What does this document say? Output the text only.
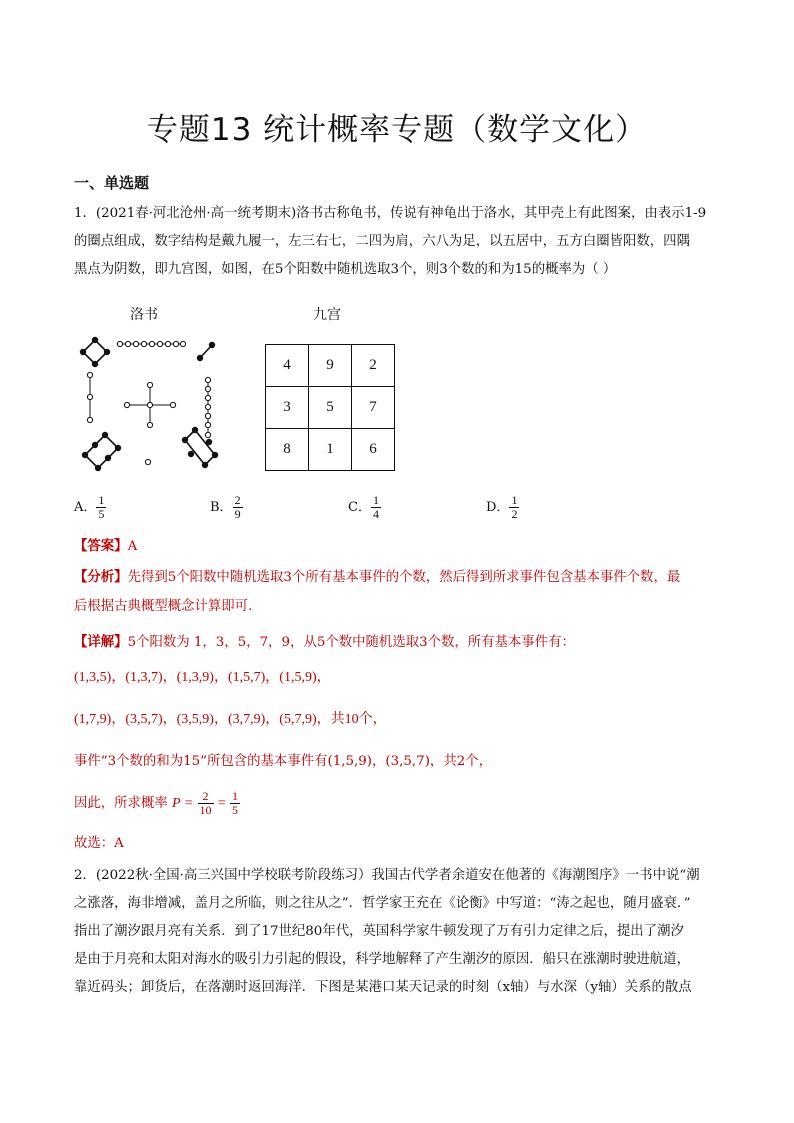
专题13 统计概率专题（数学文化）
一、单选题
1．(2021春·河北沧州·高一统考期末)洛书古称龟书，传说有神龟出于洛水，其甲壳上有此图案，由表示1-9
的圈点组成，数字结构是戴九履一，左三右七，二四为肩，六八为足，以五居中，五方白圈皆阳数，四隅
黑点为阴数，即九宫图，如图，在5个阳数中随机选取3个，则3个数的和为15的概率为（ ）
洛书	九宫
4	9	2
3	5	7
8	1	6
A． $\frac{1}{5}$	B． $\frac{2}{9}$	C． $\frac{1}{4}$	D． $\frac{1}{2}$
【答案】A
【分析】先得到5个阳数中随机选取3个所有基本事件的个数，然后得到所求事件包含基本事件个数，最
后根据古典概型概念计算即可.
【详解】5个阳数为 1，3，5，7，9，从5个数中随机选取3个数，所有基本事件有：
(1,3,5)，(1,3,7)，(1,3,9)，(1,5,7)，(1,5,9)，
(1,7,9)，(3,5,7)，(3,5,9)，(3,7,9)，(5,7,9)，共10个，
事件“3个数的和为15”所包含的基本事件有(1,5,9)，(3,5,7)，共2个，
因此，所求概率 $P = \frac{2}{10} = \frac{1}{5}$
故选：A
2．(2022秋·全国·高三兴国中学校联考阶段练习）我国古代学者余道安在他著的《海潮图序》一书中说“潮
之涨落，海非增减，盖月之所临，则之往从之”．哲学家王充在《论衡》中写道：“涛之起也，随月盛衰．”
指出了潮汐跟月亮有关系．到了17世纪80年代，英国科学家牛顿发现了万有引力定律之后，提出了潮汐
是由于月亮和太阳对海水的吸引力引起的假设，科学地解释了产生潮汐的原因．船只在涨潮时驶进航道，
靠近码头；卸货后，在落潮时返回海洋．下图是某港口某天记录的时刻（x轴）与水深（y轴）关系的散点
